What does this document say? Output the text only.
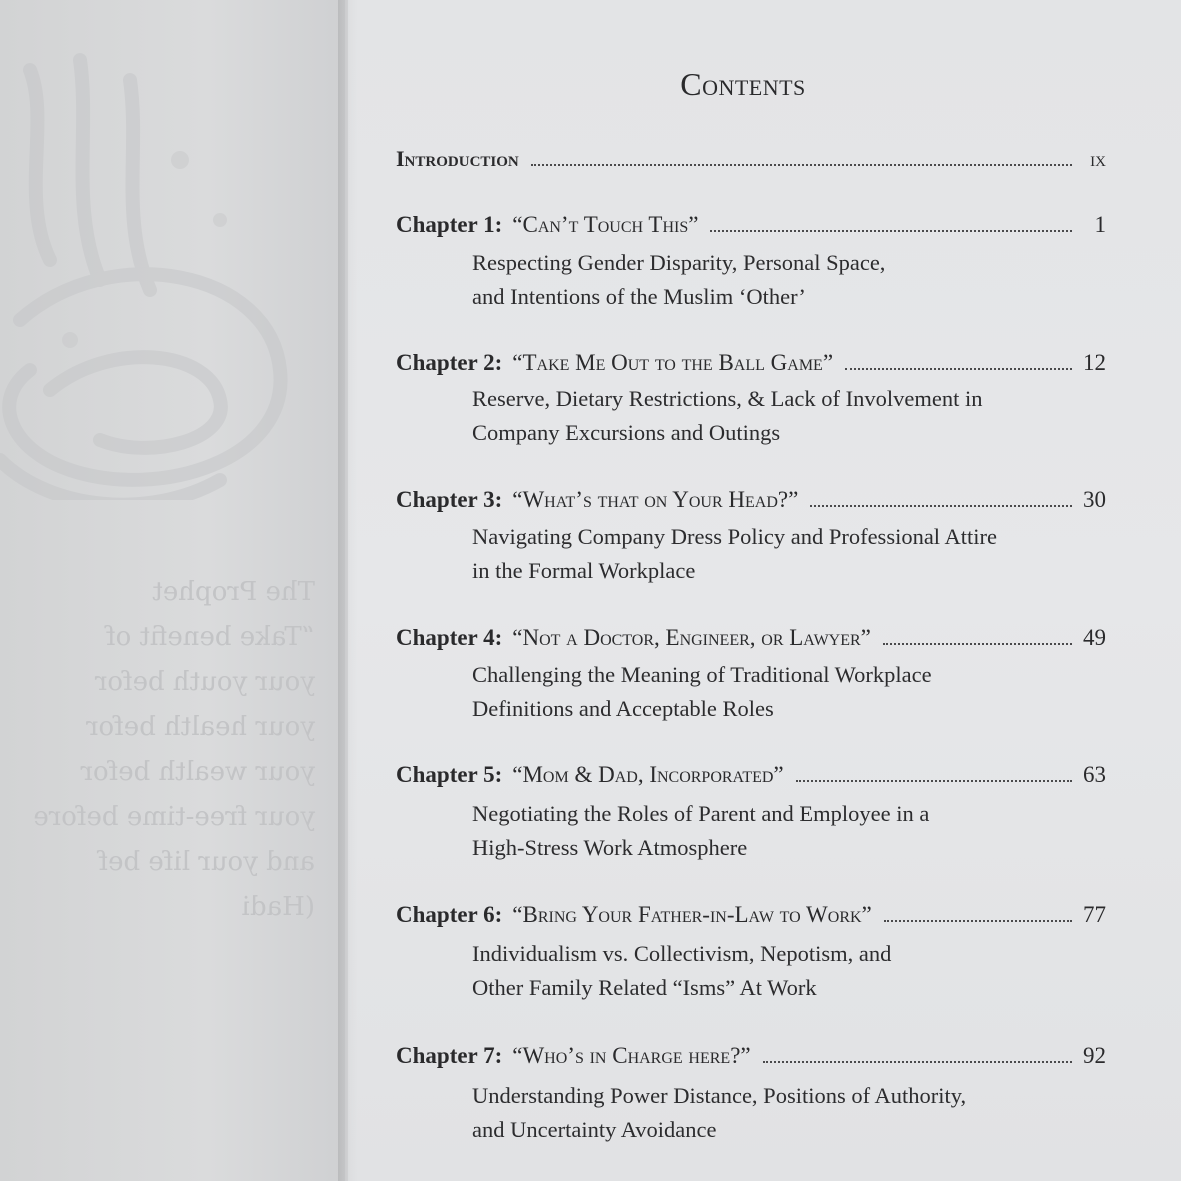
The Prophet
“Take benefit of
your youth befor
your health befor
your wealth befor
your free-time before
and your life bef
(Hadi
Contents
Introduction	ix
Chapter 1: “Can’t Touch This”	1
Respecting Gender Disparity, Personal Space,
and Intentions of the Muslim ‘Other’
Chapter 2: “Take Me Out to the Ball Game”	12
Reserve, Dietary Restrictions, & Lack of Involvement in
Company Excursions and Outings
Chapter 3: “What’s that on Your Head?”	30
Navigating Company Dress Policy and Professional Attire
in the Formal Workplace
Chapter 4: “Not a Doctor, Engineer, or Lawyer”	49
Challenging the Meaning of Traditional Workplace
Definitions and Acceptable Roles
Chapter 5: “Mom & Dad, Incorporated”	63
Negotiating the Roles of Parent and Employee in a
High-Stress Work Atmosphere
Chapter 6: “Bring Your Father-in-Law to Work”	77
Individualism vs. Collectivism, Nepotism, and
Other Family Related “Isms” At Work
Chapter 7: “Who’s in Charge here?”	92
Understanding Power Distance, Positions of Authority,
and Uncertainty Avoidance
